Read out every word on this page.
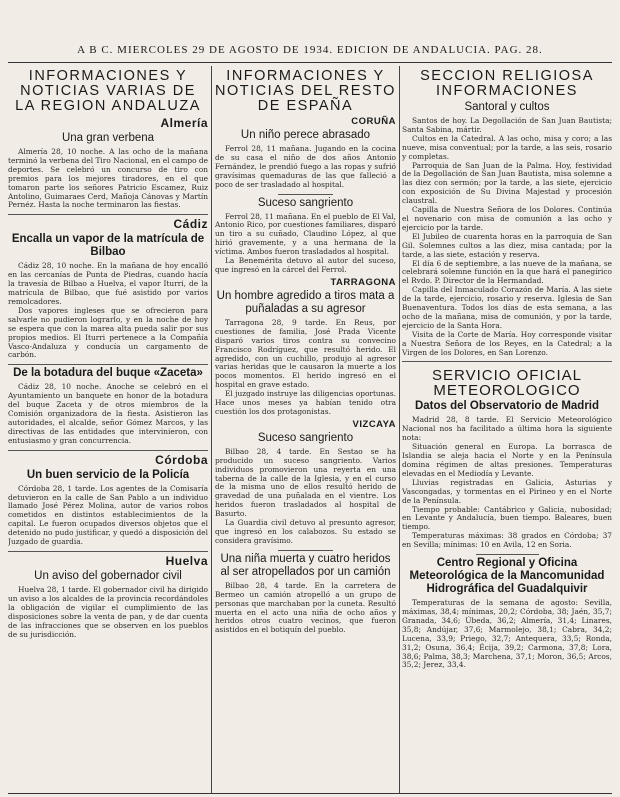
A B C. MIERCOLES 29 DE AGOSTO DE 1934. EDICION DE ANDALUCIA. PAG. 28.
INFORMACIONES Y NOTICIAS VARIAS DE LA REGION ANDALUZA
Almería
Una gran verbena

Almería 28, 10 noche. A las ocho de la mañana terminó la verbena del Tiro Nacional, en el campo de deportes. Se celebró un concurso de tiro con premios para los mejores tiradores, en el que tomaron parte los señores Patricio Escamez, Ruiz Antolino, Guimaraes Cerd, Mañoja Cánovas y Martín Pernéz. Hasta la noche terminaron las fiestas.

Cádiz
Encalla un vapor de la matrícula de Bilbao

Cádiz 28, 10 noche. En la mañana de hoy encalló en las cercanías de Punta de Piedras, cuando hacía la travesía de Bilbao a Huelva, el vapor Iturri, de la matrícula de Bilbao, que fué asistido por varios remolcadores.

Dos vapores ingleses que se ofrecieron para salvarle no pudieron lograrlo, y en la noche de hoy se espera que con la marea alta pueda salir por sus propios medios. El Iturri pertenece a la Compañía Vasco-Andaluza y conducía un cargamento de carbón.

De la botadura del buque «Zaceta»

Cádiz 28, 10 noche. Anoche se celebró en el Ayuntamiento un banquete en honor de la botadura del buque Zaceta y de otros miembros de la Comisión organizadora de la fiesta. Asistieron las autoridades, el alcalde, señor Gómez Marcos, y las directivas de las entidades que intervinieron, con entusiasmo y gran concurrencia.

Córdoba
Un buen servicio de la Policía

Córdoba 28, 1 tarde. Los agentes de la Comisaría detuvieron en la calle de San Pablo a un individuo llamado José Pérez Molina, autor de varios robos cometidos en distintos establecimientos de la capital. Le fueron ocupados diversos objetos que el detenido no pudo justificar, y quedó a disposición del Juzgado de guardia.

Huelva
Un aviso del gobernador civil

Huelva 28, 1 tarde. El gobernador civil ha dirigido un aviso a los alcaldes de la provincia recordándoles la obligación de vigilar el cumplimiento de las disposiciones sobre la venta de pan, y de dar cuenta de las infracciones que se observen en los pueblos de su jurisdicción.

INFORMACIONES Y NOTICIAS DEL RESTO DE ESPAÑA
CORUÑA
Un niño perece abrasado

Ferrol 28, 11 mañana. Jugando en la cocina de su casa el niño de dos años Antonio Fernández, le prendió fuego a las ropas y sufrió gravísimas quemaduras de las que falleció a poco de ser trasladado al hospital.

Suceso sangriento

Ferrol 28, 11 mañana. En el pueblo de El Val, Antonio Rico, por cuestiones familiares, disparó un tiro a su cuñado, Claudino López, al que hirió gravemente, y a una hermana de la víctima. Ambos fueron trasladados al hospital.

La Benemérita detuvo al autor del suceso, que ingresó en la cárcel del Ferrol.

TARRAGONA
Un hombre agredido a tiros matа a puñaladas a su agresor

Tarragona 28, 9 tarde. En Reus, por cuestiones de familia, José Prada Vicente disparó varios tiros contra su convecino Francisco Rodríguez, que resultó herido. El agredido, con un cuchillo, produjo al agresor varias heridas que le causaron la muerte a los pocos momentos. El herido ingresó en el hospital en grave estado.

El juzgado instruye las diligencias oportunas. Hace unos meses ya habían tenido otra cuestión los dos protagonistas.

VIZCAYA
Suceso sangriento

Bilbao 28, 4 tarde. En Sestao se ha producido un suceso sangriento. Varios individuos promovieron una reyerta en una taberna de la calle de la Iglesia, y en el curso de la misma uno de ellos resultó herido de gravedad de una puñalada en el vientre. Los heridos fueron trasladados al hospital de Basurto.

La Guardia civil detuvo al presunto agresor, que ingresó en los calabozos. Su estado se considera gravísimo.

Una niña muerta y cuatro heridos al ser atropellados por un camión

Bilbao 28, 4 tarde. En la carretera de Bermeo un camión atropelló a un grupo de personas que marchaban por la cuneta. Resultó muerta en el acto una niña de ocho años y heridos otros cuatro vecinos, que fueron asistidos en el botiquín del pueblo.

SECCION RELIGIOSA INFORMACIONES
Santoral y cultos

Santos de hoy. La Degollación de San Juan Bautista; Santa Sabina, mártir.

Cultos en la Catedral. A las ocho, misa y coro; a las nueve, misa conventual; por la tarde, a las seis, rosario y completas.

Parroquia de San Juan de la Palma. Hoy, festividad de la Degollación de San Juan Bautista, misa solemne a las diez con sermón; por la tarde, a las siete, ejercicio con exposición de Su Divina Majestad y procesión claustral.

Capilla de Nuestra Señora de los Dolores. Continúa el novenario con misa de comunión a las ocho y ejercicio por la tarde.

El Jubileo de cuarenta horas en la parroquia de San Gil. Solemnes cultos a las diez, misa cantada; por la tarde, a las siete, estación y reserva.

El día 6 de septiembre, a las nueve de la mañana, se celebrará solemne función en la que hará el panegírico el Rvdo. P. Director de la Hermandad.

Capilla del Inmaculado Corazón de María. A las siete de la tarde, ejercicio, rosario y reserva. Iglesia de San Buenaventura. Todos los días de esta semana, a las ocho de la mañana, misa de comunión, y por la tarde, ejercicio de la Santa Hora.

Visita de la Corte de María. Hoy corresponde visitar a Nuestra Señora de los Reyes, en la Catedral; a la Virgen de los Dolores, en San Lorenzo.

SERVICIO OFICIAL METEOROLOGICO
Datos del Observatorio de Madrid

Madrid 28, 8 tarde. El Servicio Meteorológico Nacional nos ha facilitado a última hora la siguiente nota:

Situación general en Europa. La borrasca de Islandia se aleja hacia el Norte y en la Península domina régimen de altas presiones. Temperaturas elevadas en el Mediodía y Levante.

Lluvias registradas en Galicia, Asturias y Vascongadas, y tormentas en el Pirineo y en el Norte de la Península.

Tiempo probable: Cantábrico y Galicia, nubosidad; en Levante y Andalucía, buen tiempo. Baleares, buen tiempo.

Temperaturas máximas: 38 grados en Córdoba; 37 en Sevilla; mínimas: 10 en Avila, 12 en Soria.

Centro Regional y Oficina Meteorológica de la Mancomunidad Hidrográfica del Guadalquivir

Temperaturas de la semana de agosto: Sevilla, máximas, 38,4; mínimas, 20,2; Córdoba, 38; Jaén, 35,7; Granada, 34,6; Úbeda, 36,2; Almería, 31,4; Linares, 35,8; Andújar, 37,6; Marmolejo, 38,1; Cabra, 34,2; Lucena, 33,9; Priego, 32,7; Antequera, 33,5; Ronda, 31,2; Osuna, 36,4; Écija, 39,2; Carmona, 37,8; Lora, 38,6; Palma, 38,3; Marchena, 37,1; Moron, 36,5; Arcos, 35,2; Jerez, 33,4.
